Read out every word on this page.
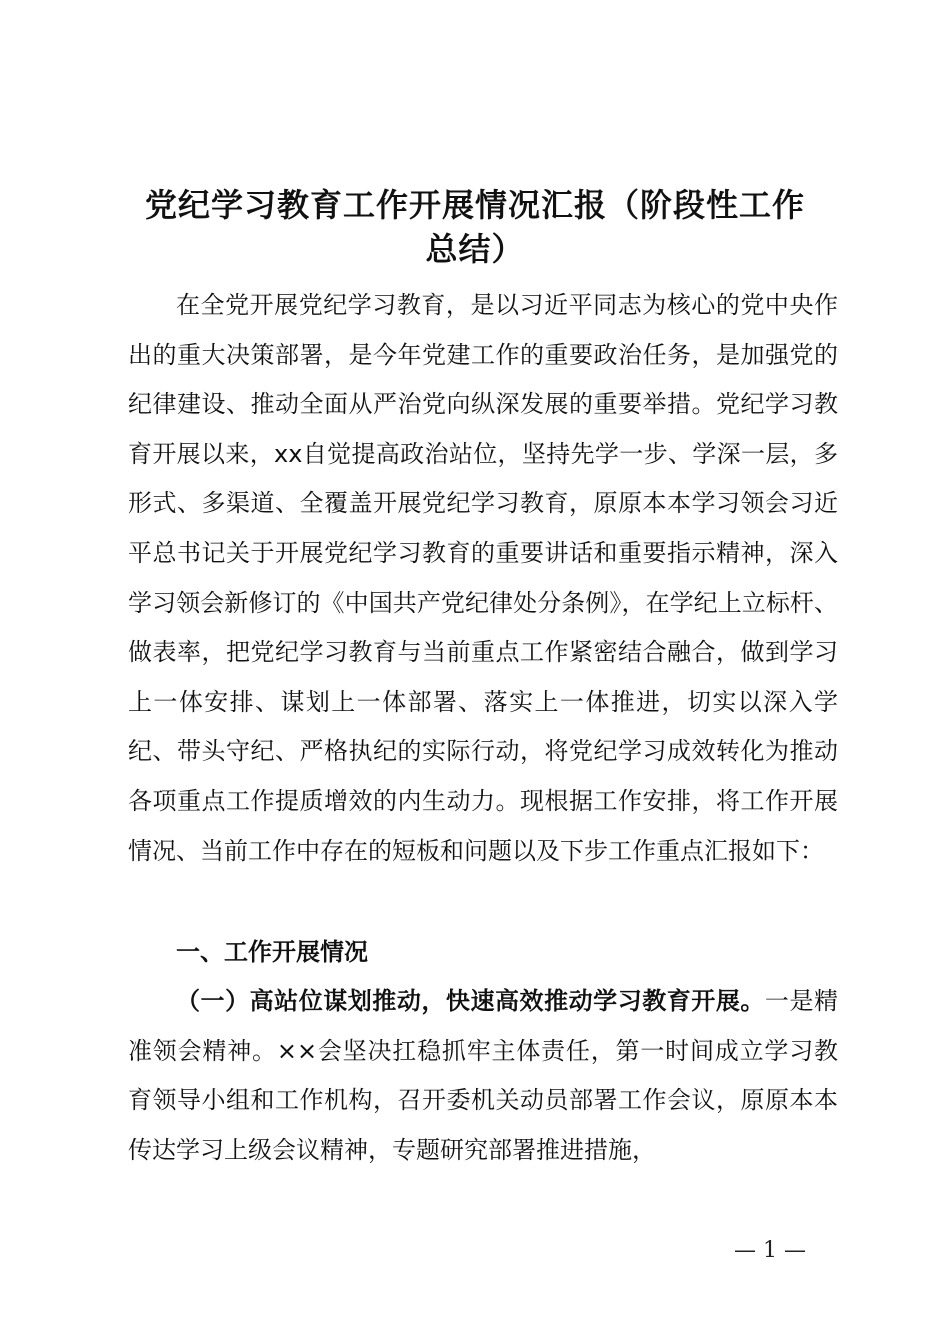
党纪学习教育工作开展情况汇报（阶段性工作
总结）
在全党开展党纪学习教育，是以习近平同志为核心的党中央作出的重大决策部署，是今年党建工作的重要政治任务，是加强党的纪律建设、推动全面从严治党向纵深发展的重要举措。党纪学习教育开展以来，xx自觉提高政治站位，坚持先学一步、学深一层，多形式、多渠道、全覆盖开展党纪学习教育，原原本本学习领会习近平总书记关于开展党纪学习教育的重要讲话和重要指示精神，深入学习领会新修订的《中国共产党纪律处分条例》，在学纪上立标杆、做表率，把党纪学习教育与当前重点工作紧密结合融合，做到学习上一体安排、谋划上一体部署、落实上一体推进，切实以深入学纪、带头守纪、严格执纪的实际行动，将党纪学习成效转化为推动各项重点工作提质增效的内生动力。现根据工作安排，将工作开展情况、当前工作中存在的短板和问题以及下步工作重点汇报如下：
一、工作开展情况
（一）高站位谋划推动，快速高效推动学习教育开展。一是精准领会精神。××会坚决扛稳抓牢主体责任，第一时间成立学习教育领导小组和工作机构，召开委机关动员部署工作会议，原原本本传达学习上级会议精神，专题研究部署推进措施，
— 1 —
